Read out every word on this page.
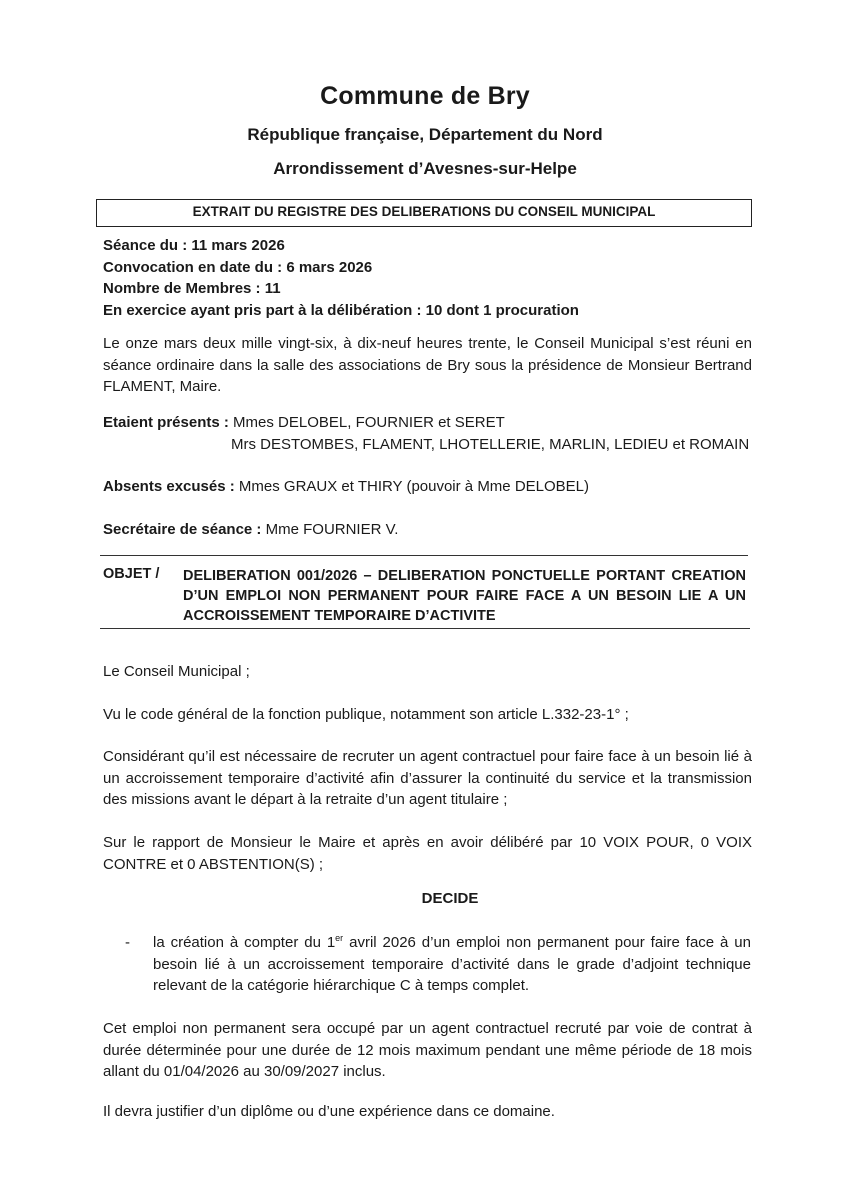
Commune de Bry
République française, Département du Nord
Arrondissement d’Avesnes-sur-Helpe
EXTRAIT DU REGISTRE DES DELIBERATIONS DU CONSEIL MUNICIPAL
Séance du : 11 mars 2026
Convocation en date du : 6 mars 2026
Nombre de Membres : 11
En exercice ayant pris part à la délibération : 10 dont 1 procuration
Le onze mars deux mille vingt-six, à dix-neuf heures trente, le Conseil Municipal s’est réuni en séance ordinaire dans la salle des associations de Bry sous la présidence de Monsieur Bertrand FLAMENT, Maire.
Etaient présents : Mmes DELOBEL, FOURNIER et SERET
Mrs DESTOMBES, FLAMENT, LHOTELLERIE, MARLIN, LEDIEU et ROMAIN
Absents excusés : Mmes GRAUX et THIRY (pouvoir à Mme DELOBEL)
Secrétaire de séance : Mme FOURNIER V.
OBJET / DELIBERATION 001/2026 – DELIBERATION PONCTUELLE PORTANT CREATION D’UN EMPLOI NON PERMANENT POUR FAIRE FACE A UN BESOIN LIE A UN ACCROISSEMENT TEMPORAIRE D’ACTIVITE
Le Conseil Municipal ;
Vu le code général de la fonction publique, notamment son article L.332-23-1° ;
Considérant qu’il est nécessaire de recruter un agent contractuel pour faire face à un besoin lié à un accroissement temporaire d’activité afin d’assurer la continuité du service et la transmission des missions avant le départ à la retraite d’un agent titulaire ;
Sur le rapport de Monsieur le Maire et après en avoir délibéré par 10 VOIX POUR, 0 VOIX CONTRE et 0 ABSTENTION(S) ;
DECIDE
- la création à compter du 1er avril 2026 d’un emploi non permanent pour faire face à un besoin lié à un accroissement temporaire d’activité dans le grade d’adjoint technique relevant de la catégorie hiérarchique C à temps complet.
Cet emploi non permanent sera occupé par un agent contractuel recruté par voie de contrat à durée déterminée pour une durée de 12 mois maximum pendant une même période de 18 mois allant du 01/04/2026 au 30/09/2027 inclus.
Il devra justifier d’un diplôme ou d’une expérience dans ce domaine.
